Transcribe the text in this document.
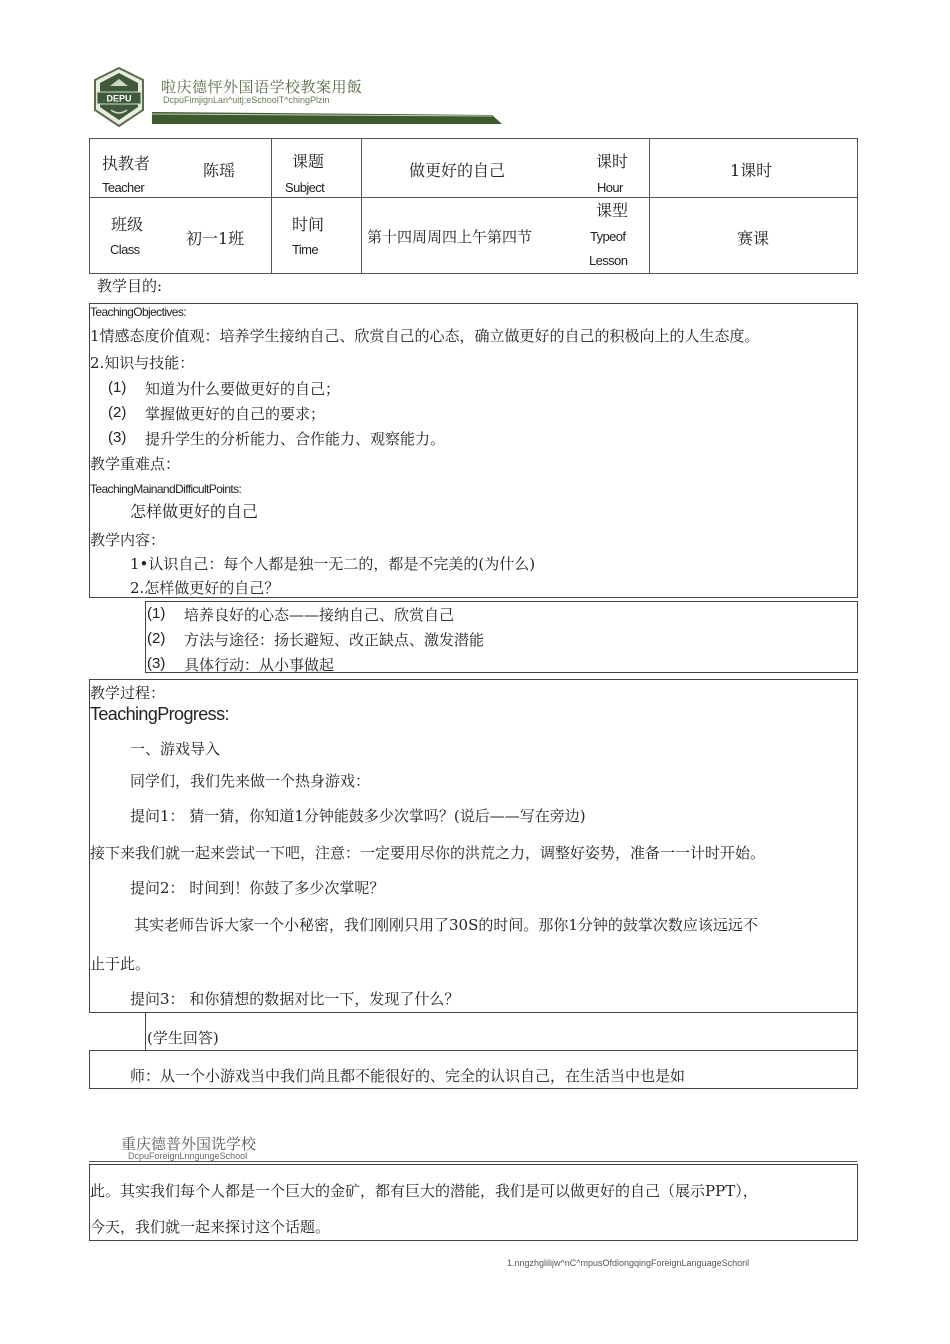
DEPU
啦庆德怦外国语学校教案用飯
DcpuFimjignLan^uitj;eSchoolT^chingPlzin
执教者
Teacher
陈瑶	课题
Subject
做更好的自己	课时
Hour
1课时
班级
Class
初一1班
时间
Time
第十四周周四上午第四节
课型
Typeof
Lesson
赛课
教学目的:
TeachingObjectives:
1情感态度价值观：培养学生接纳自己、欣赏自己的心态，确立做更好的自己的积极向上的人生态度。
2.知识与技能：
(1) 知道为什么要做更好的自己；
(2) 掌握做更好的自己的要求；
(3) 提升学生的分析能力、合作能力、观察能力。
教学重难点：
TeachingMainandDifficultPoints:
怎样做更好的自己
教学内容：
1•认识自己：每个人都是独一无二的，都是不完美的(为什么)
2.怎样做更好的自己？
(1) 培养良好的心态——接纳自己、欣赏自己
(2) 方法与途径：扬长避短、改正缺点、激发潜能
(3) 具体行动：从小事做起
教学过程：
TeachingProgress:
一、游戏导入
同学们，我们先来做一个热身游戏：
提问1： 猜一猜，你知道1分钟能鼓多少次掌吗？(说后——写在旁边)
接下来我们就一起来尝试一下吧，注意：一定要用尽你的洪荒之力，调整好姿势，准备一一计时开始。
提问2： 时间到！你鼓了多少次掌呢？
其实老师告诉大家一个小秘密，我们刚刚只用了30S的时间。那你1分钟的鼓掌次数应该远远不
止于此。
提问3： 和你猜想的数据对比一下，发现了什么？
(学生回答)
师：从一个小游戏当中我们尚且都不能很好的、完全的认识自己，在生活当中也是如
重庆德普外国诜学校
DcpuForeignLnngungeSchool
此。其实我们每个人都是一个巨大的金矿，都有巨大的潜能，我们是可以做更好的自己（展示PPT），
今天，我们就一起来探讨这个话题。
1.nngzhglilijw^nC^mpusOfdiongqingForeignLanguageSchoril
